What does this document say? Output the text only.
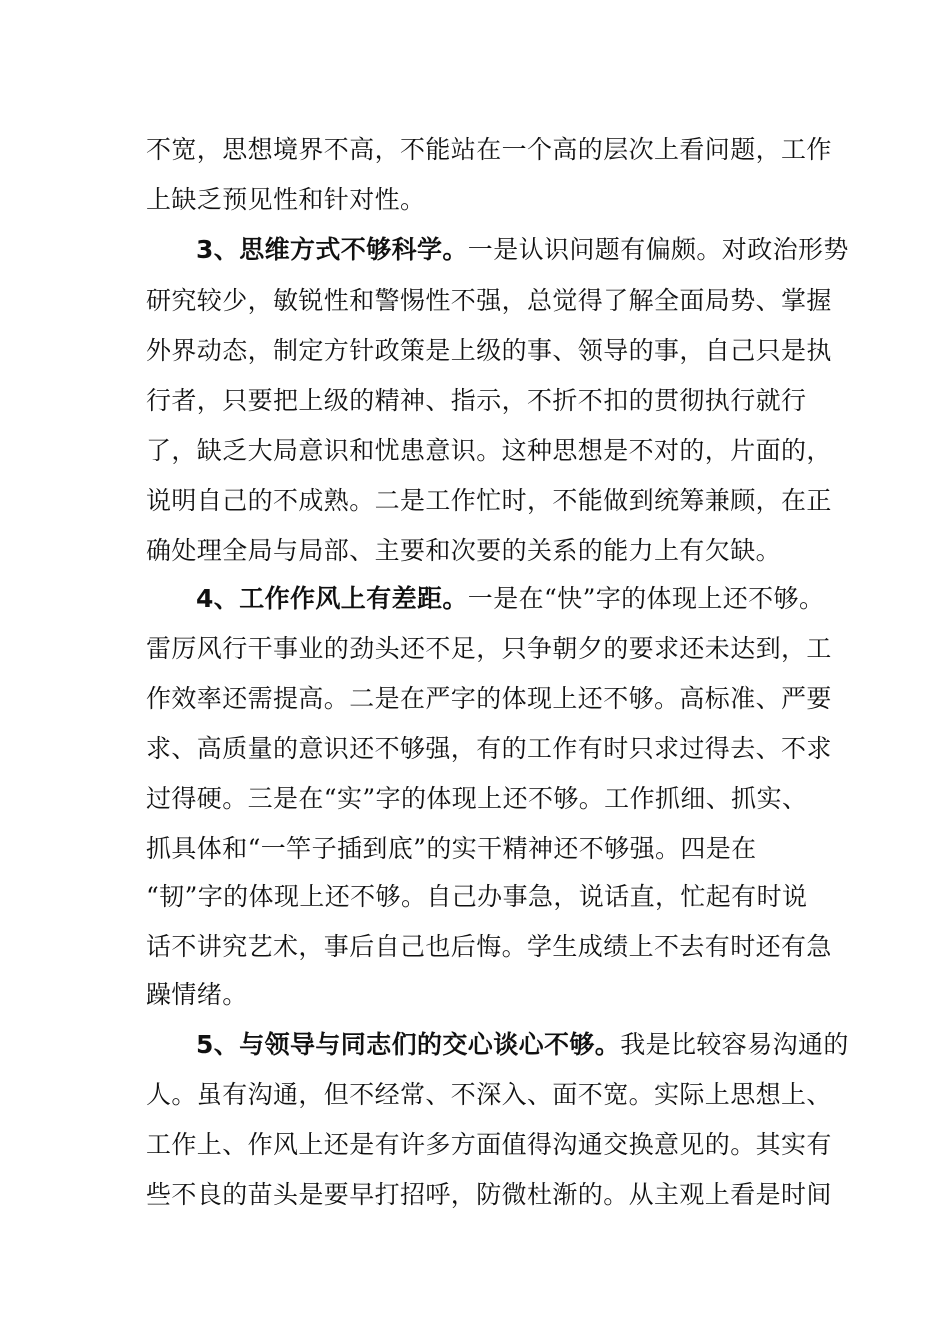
不宽，思想境界不高，不能站在一个高的层次上看问题，工作
上缺乏预见性和针对性。
3、思维方式不够科学。一是认识问题有偏颇。对政治形势
研究较少，敏锐性和警惕性不强，总觉得了解全面局势、掌握
外界动态，制定方针政策是上级的事、领导的事，自己只是执
行者，只要把上级的精神、指示，不折不扣的贯彻执行就行
了，缺乏大局意识和忧患意识。这种思想是不对的，片面的，
说明自己的不成熟。二是工作忙时，不能做到统筹兼顾，在正
确处理全局与局部、主要和次要的关系的能力上有欠缺。
4、工作作风上有差距。一是在“快”字的体现上还不够。
雷厉风行干事业的劲头还不足，只争朝夕的要求还未达到，工
作效率还需提高。二是在严字的体现上还不够。高标准、严要
求、高质量的意识还不够强，有的工作有时只求过得去、不求
过得硬。三是在“实”字的体现上还不够。工作抓细、抓实、
抓具体和“一竿子插到底”的实干精神还不够强。四是在
“韧”字的体现上还不够。自己办事急，说话直，忙起有时说
话不讲究艺术，事后自己也后悔。学生成绩上不去有时还有急
躁情绪。
5、与领导与同志们的交心谈心不够。我是比较容易沟通的
人。虽有沟通，但不经常、不深入、面不宽。实际上思想上、
工作上、作风上还是有许多方面值得沟通交换意见的。其实有
些不良的苗头是要早打招呼，防微杜渐的。从主观上看是时间
